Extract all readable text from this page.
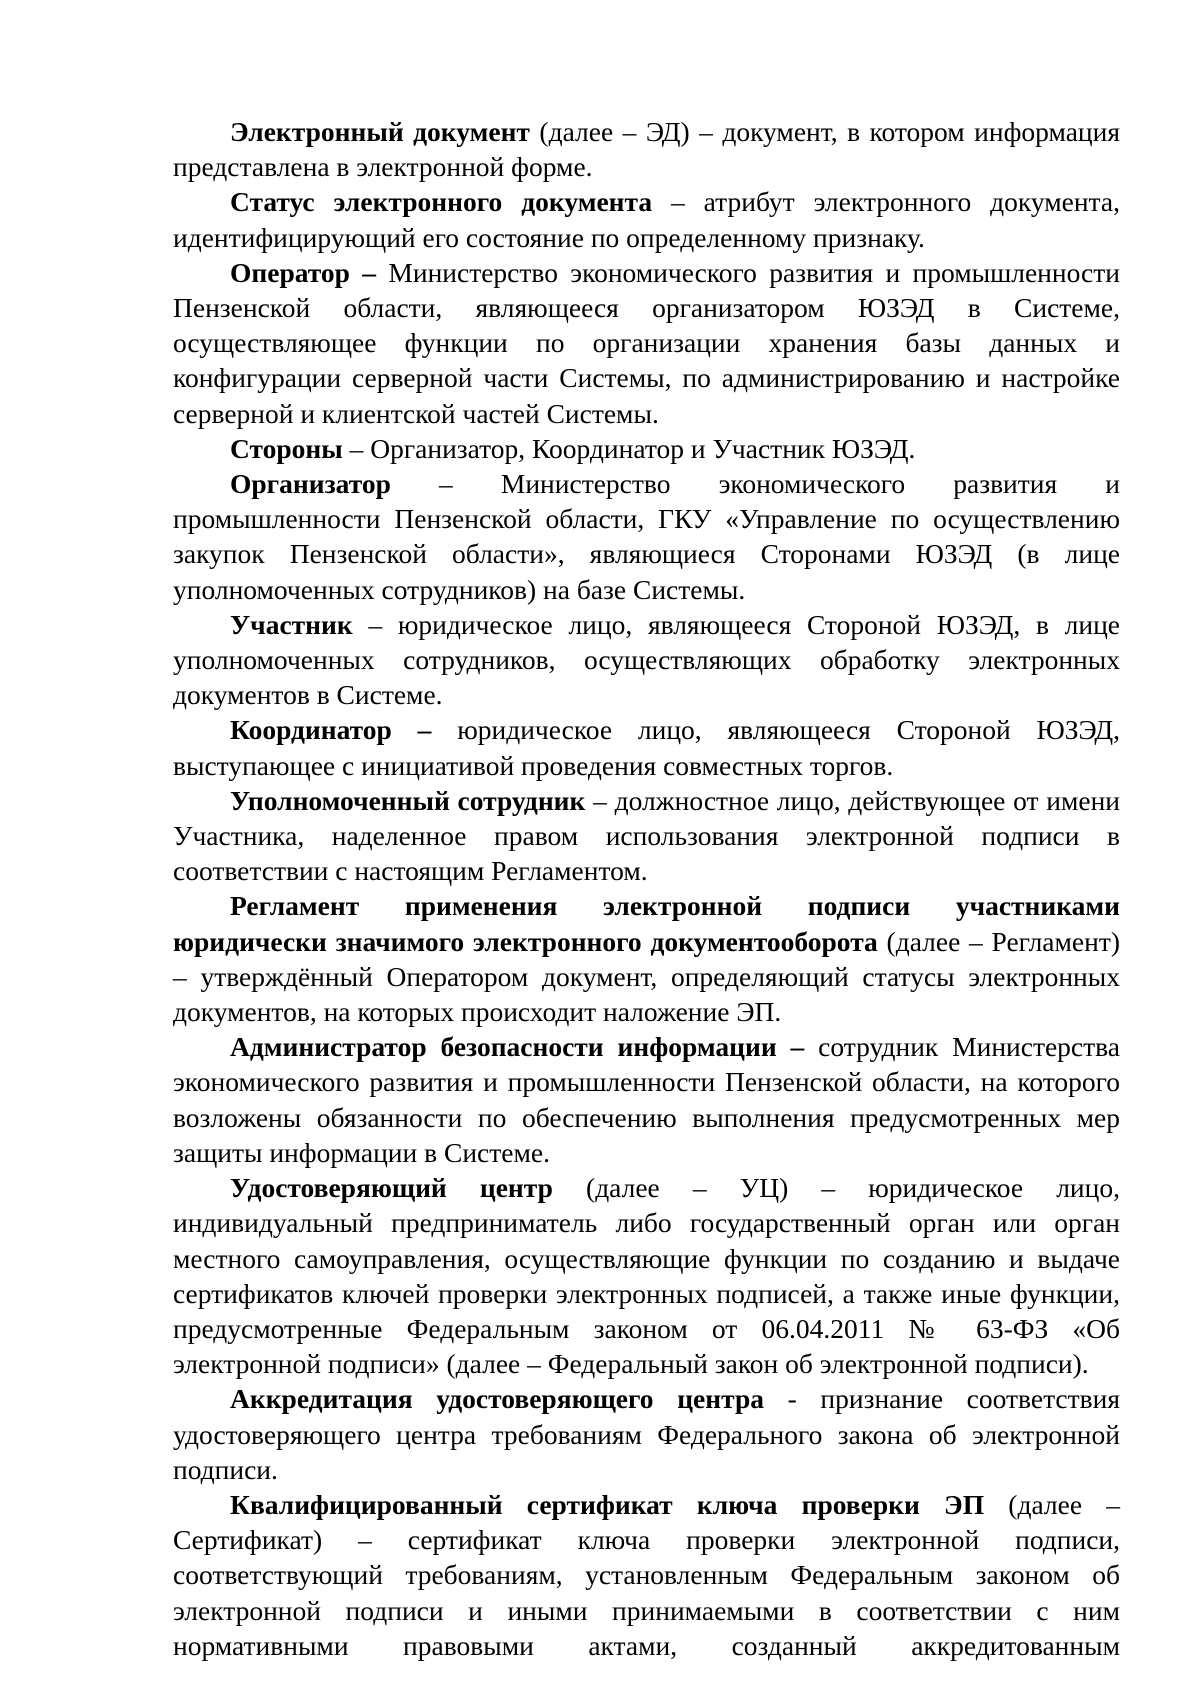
Электронный документ (далее – ЭД) – документ, в котором информация представлена в электронной форме.

Статус электронного документа – атрибут электронного документа, идентифицирующий его состояние по определенному признаку.

Оператор – Министерство экономического развития и промышленности Пензенской области, являющееся организатором ЮЗЭД в Системе, осуществляющее функции по организации хранения базы данных и конфигурации серверной части Системы, по администрированию и настройке серверной и клиентской частей Системы.

Стороны – Организатор, Координатор и Участник ЮЗЭД.

Организатор – Министерство экономического развития и промышленности Пензенской области, ГКУ «Управление по осуществлению закупок Пензенской области», являющиеся Сторонами ЮЗЭД (в лице уполномоченных сотрудников) на базе Системы.

Участник – юридическое лицо, являющееся Стороной ЮЗЭД, в лице уполномоченных сотрудников, осуществляющих обработку электронных документов в Системе.

Координатор – юридическое лицо, являющееся Стороной ЮЗЭД, выступающее с инициативой проведения совместных торгов.

Уполномоченный сотрудник – должностное лицо, действующее от имени Участника, наделенное правом использования электронной подписи в соответствии с настоящим Регламентом.

Регламент применения электронной подписи участниками юридически значимого электронного документооборота (далее – Регламент) – утверждённый Оператором документ, определяющий статусы электронных документов, на которых происходит наложение ЭП.

Администратор безопасности информации – сотрудник Министерства экономического развития и промышленности Пензенской области, на которого возложены обязанности по обеспечению выполнения предусмотренных мер защиты информации в Системе.

Удостоверяющий центр (далее – УЦ) – юридическое лицо, индивидуальный предприниматель либо государственный орган или орган местного самоуправления, осуществляющие функции по созданию и выдаче сертификатов ключей проверки электронных подписей, а также иные функции, предусмотренные Федеральным законом от 06.04.2011 № 63-ФЗ «Об электронной подписи» (далее – Федеральный закон об электронной подписи).

Аккредитация удостоверяющего центра - признание соответствия удостоверяющего центра требованиям Федерального закона об электронной подписи.

Квалифицированный сертификат ключа проверки ЭП (далее – Сертификат) – сертификат ключа проверки электронной подписи, соответствующий требованиям, установленным Федеральным законом об электронной подписи и иными принимаемыми в соответствии с ним нормативными правовыми актами, созданный аккредитованным
